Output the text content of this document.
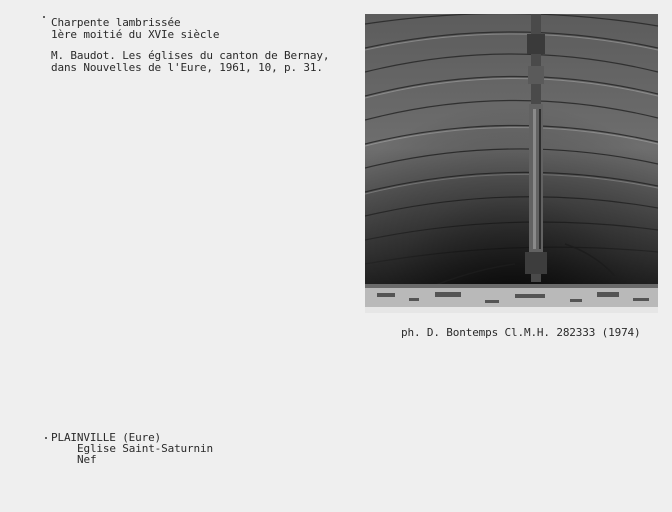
Charpente lambrissée
1ère moitié du XVIe siècle
M. Baudot. Les églises du canton de Bernay,
dans Nouvelles de l'Eure, 1961, 10, p. 31.
ph. D. Bontemps Cl.M.H. 282333 (1974)
PLAINVILLE (Eure)
Eglise Saint-Saturnin
Nef
